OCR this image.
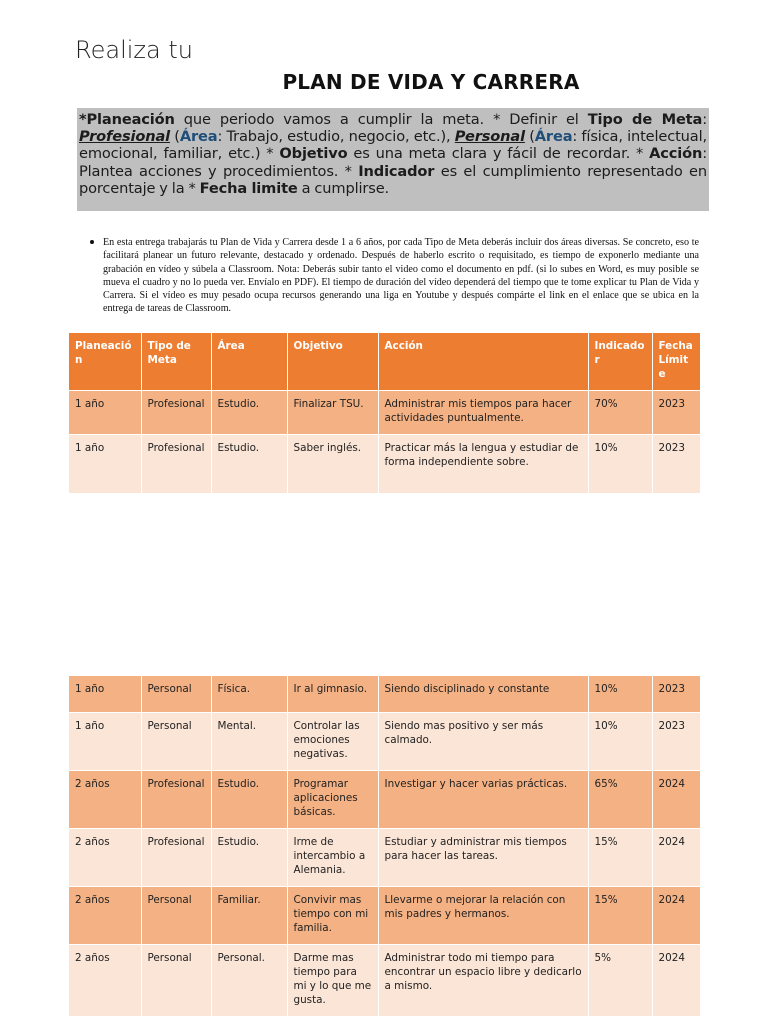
Realiza tu
PLAN DE VIDA Y CARRERA
*Planeación que periodo vamos a cumplir la meta. * Definir el Tipo de Meta: Profesional (Área: Trabajo, estudio, negocio, etc.), Personal (Área: física, intelectual, emocional, familiar, etc.) * Objetivo es una meta clara y fácil de recordar. * Acción: Plantea acciones y procedimientos. * Indicador es el cumplimiento representado en porcentaje y la * Fecha limite a cumplirse.
En esta entrega trabajarás tu Plan de Vida y Carrera desde 1 a 6 años, por cada Tipo de Meta deberás incluir dos áreas diversas. Se concreto, eso te facilitará planear un futuro relevante, destacado y ordenado. Después de haberlo escrito o requisitado, es tiempo de exponerlo mediante una grabación en vídeo y súbela a Classroom. Nota: Deberás subir tanto el video como el documento en pdf. (si lo subes en Word, es muy posible se mueva el cuadro y no lo pueda ver. Envíalo en PDF). El tiempo de duración del vídeo dependerá del tiempo que te tome explicar tu Plan de Vida y Carrera. Si el vídeo es muy pesado ocupa recursos generando una liga en Youtube y después compárte el link en el enlace que se ubica en la entrega de tareas de Classroom.
Planeación	Tipo de Meta	Área	Objetivo	Acción	Indicador	Fecha Límite
1 año	Profesional	Estudio.	Finalizar TSU.	Administrar mis tiempos para hacer actividades puntualmente.	70%	2023
1 año	Profesional	Estudio.	Saber inglés.	Practicar más la lengua y estudiar de forma independiente sobre.	10%	2023
1 año	Personal	Física.	Ir al gimnasio.	Siendo disciplinado y constante	10%	2023
1 año	Personal	Mental.	Controlar las emociones negativas.	Siendo mas positivo y ser más calmado.	10%	2023
2 años	Profesional	Estudio.	Programar aplicaciones básicas.	Investigar y hacer varias prácticas.	65%	2024
2 años	Profesional	Estudio.	Irme de intercambio a Alemania.	Estudiar y administrar mis tiempos para hacer las tareas.	15%	2024
2 años	Personal	Familiar.	Convivir mas tiempo con mi familia.	Llevarme o mejorar la relación con mis padres y hermanos.	15%	2024
2 años	Personal	Personal.	Darme mas tiempo para mi y lo que me gusta.	Administrar todo mi tiempo para encontrar un espacio libre y dedicarlo a mismo.	5%	2024
